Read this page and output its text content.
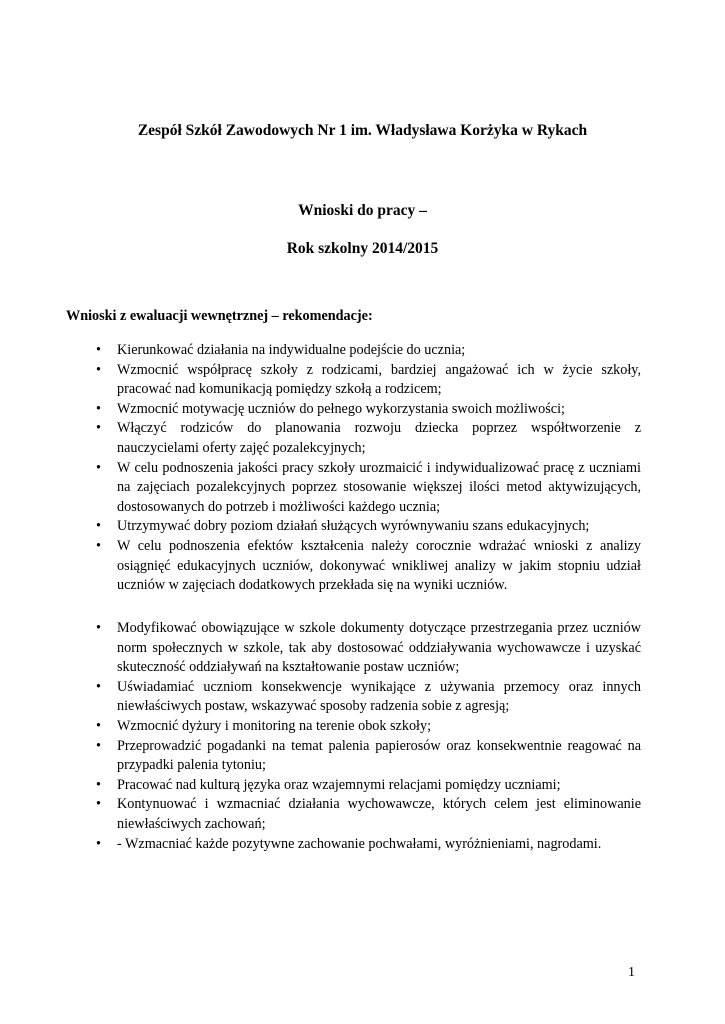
Zespół Szkół Zawodowych Nr 1 im. Władysława Korżyka w Rykach

Wnioski do pracy –

Rok szkolny 2014/2015

Wnioski z ewaluacji wewnętrznej – rekomendacje:

•	Kierunkować działania na indywidualne podejście do ucznia;
•	Wzmocnić współpracę szkoły z rodzicami, bardziej angażować ich w życie szkoły, pracować nad komunikacją pomiędzy szkołą a rodzicem;
•	Wzmocnić motywację uczniów do pełnego wykorzystania swoich możliwości;
•	Włączyć rodziców do planowania rozwoju dziecka poprzez współtworzenie z nauczycielami oferty zajęć pozalekcyjnych;
•	W celu podnoszenia jakości pracy szkoły urozmaicić i indywidualizować pracę z uczniami na zajęciach pozalekcyjnych poprzez stosowanie większej ilości metod aktywizujących, dostosowanych do potrzeb i możliwości każdego ucznia;
•	Utrzymywać dobry poziom działań służących wyrównywaniu szans edukacyjnych;
•	W celu podnoszenia efektów kształcenia należy corocznie wdrażać wnioski z analizy osiągnięć edukacyjnych uczniów, dokonywać wnikliwej analizy w jakim stopniu udział uczniów w zajęciach dodatkowych przekłada się na wyniki uczniów.
•	Modyfikować obowiązujące w szkole dokumenty dotyczące przestrzegania przez uczniów norm społecznych w szkole, tak aby dostosować oddziaływania wychowawcze i uzyskać skuteczność oddziaływań na kształtowanie postaw uczniów;
•	Uświadamiać uczniom konsekwencje wynikające z używania przemocy oraz innych niewłaściwych postaw, wskazywać sposoby radzenia sobie z agresją;
•	Wzmocnić dyżury i monitoring na terenie obok szkoły;
•	Przeprowadzić pogadanki na temat palenia papierosów oraz konsekwentnie reagować na przypadki palenia tytoniu;
•	Pracować nad kulturą języka oraz wzajemnymi relacjami pomiędzy uczniami;
•	Kontynuować i wzmacniać działania wychowawcze, których celem jest eliminowanie niewłaściwych zachowań;
•	- Wzmacniać każde pozytywne zachowanie pochwałami, wyróżnieniami, nagrodami.
1
